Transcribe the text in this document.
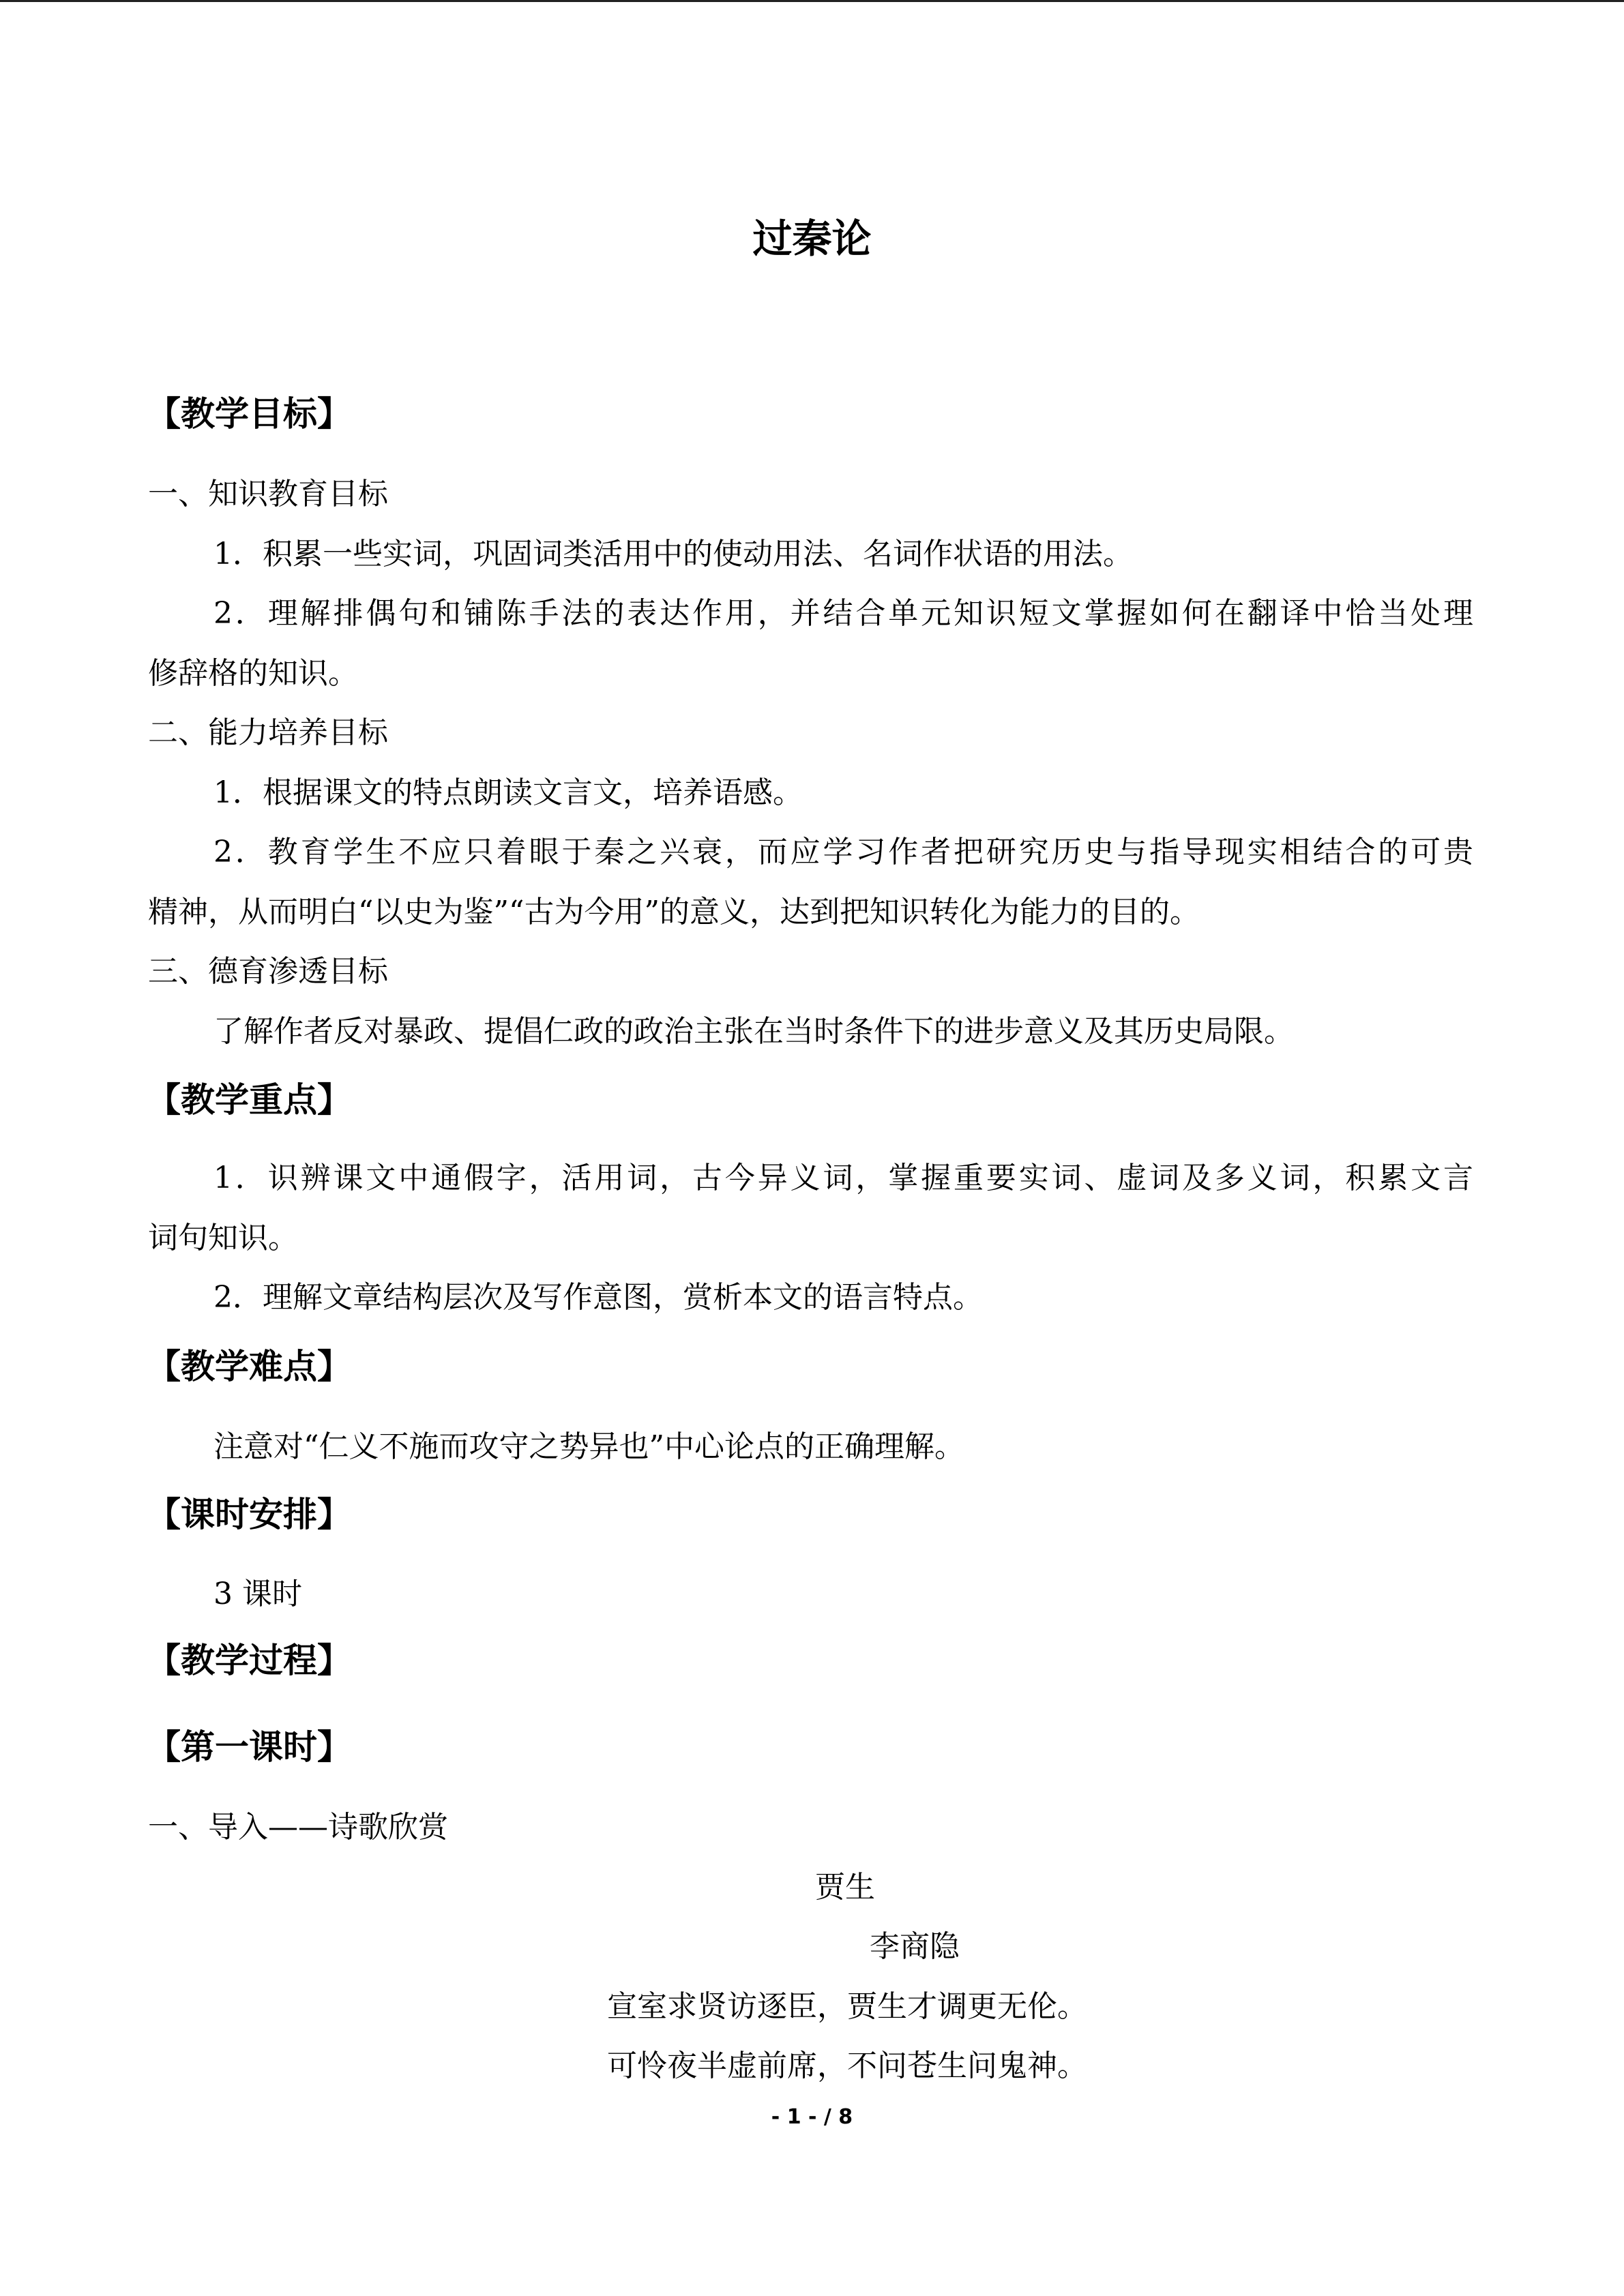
过秦论
【教学目标】
一、知识教育目标
1．积累一些实词，巩固词类活用中的使动用法、名词作状语的用法。
2．理解排偶句和铺陈手法的表达作用，并结合单元知识短文掌握如何在翻译中恰当处理
修辞格的知识。
二、能力培养目标
1．根据课文的特点朗读文言文，培养语感。
2．教育学生不应只着眼于秦之兴衰，而应学习作者把研究历史与指导现实相结合的可贵
精神，从而明白“以史为鉴”“古为今用”的意义，达到把知识转化为能力的目的。
三、德育渗透目标
了解作者反对暴政、提倡仁政的政治主张在当时条件下的进步意义及其历史局限。
【教学重点】
1．识辨课文中通假字，活用词，古今异义词，掌握重要实词、虚词及多义词，积累文言
词句知识。
2．理解文章结构层次及写作意图，赏析本文的语言特点。
【教学难点】
注意对“仁义不施而攻守之势异也”中心论点的正确理解。
【课时安排】
3 课时
【教学过程】
【第一课时】
一、导入——诗歌欣赏
贾生
李商隐
宣室求贤访逐臣，贾生才调更无伦。
可怜夜半虚前席，不问苍生问鬼神。
- 1 - / 8
